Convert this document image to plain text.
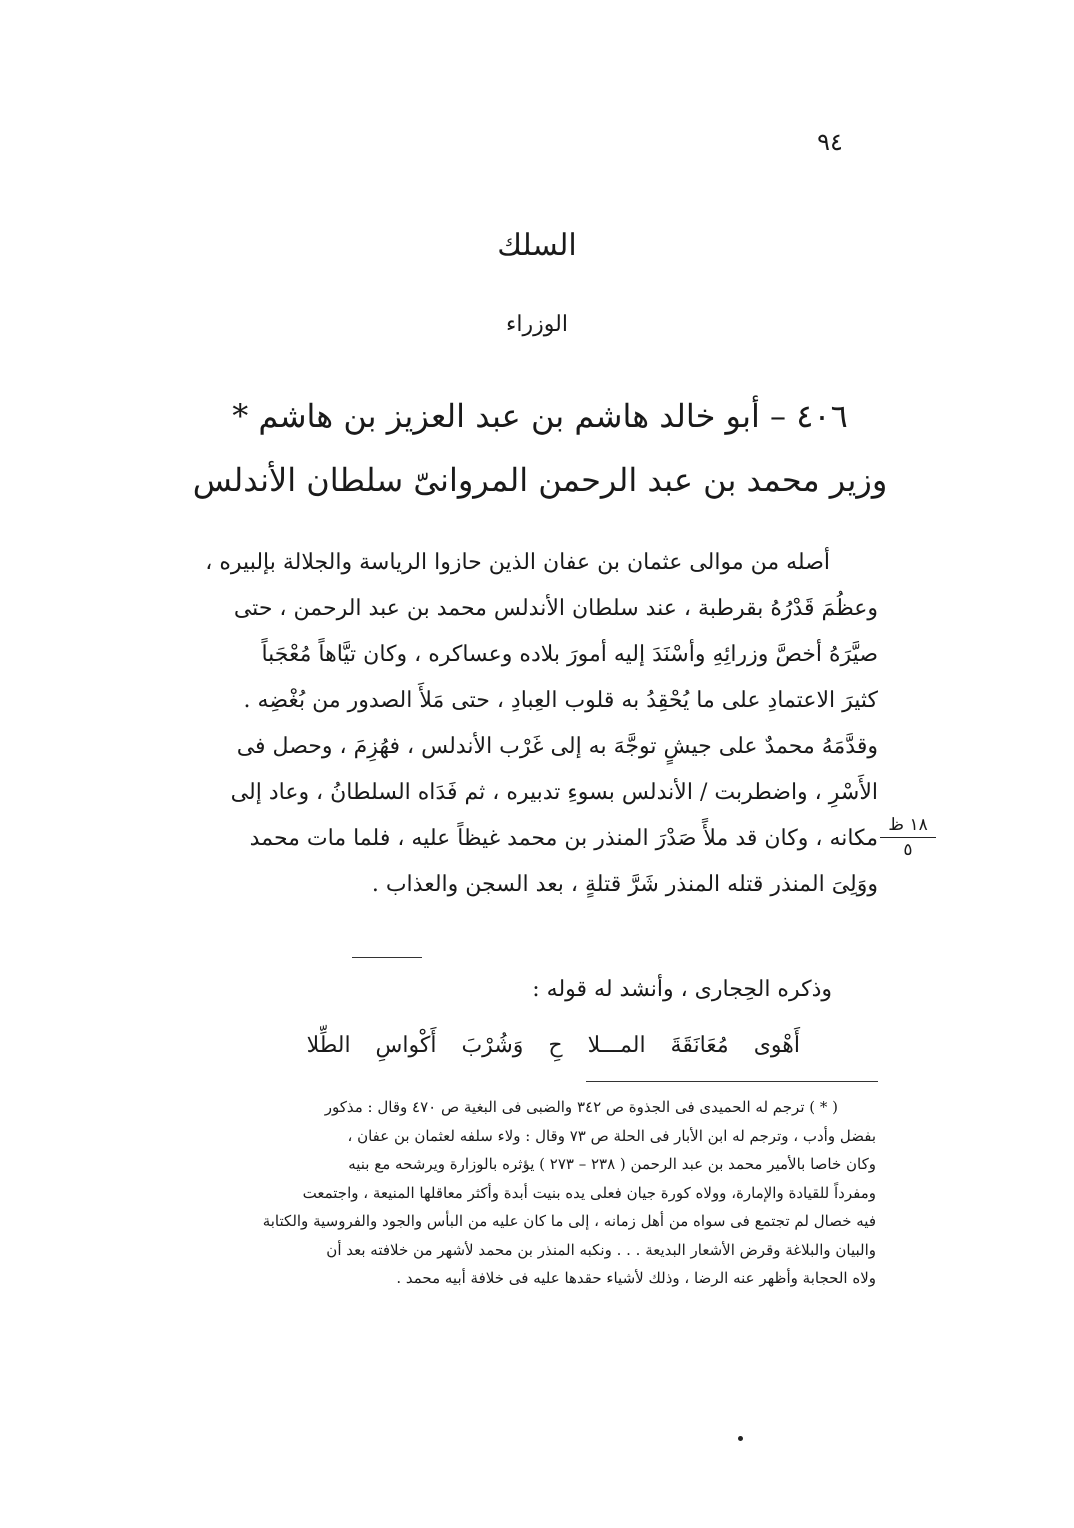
٩٤
السلك
الوزراء
٤٠٦ – أبو خالد هاشم بن عبد العزيز بن هاشم *
وزير محمد بن عبد الرحمن المروانىّ سلطان الأندلس
أصله من موالى عثمان بن عفان الذين حازوا الرياسة والجلالة بإلبيره ،
وعظُمَ قَدْرُهُ بقرطبة ، عند سلطان الأندلس محمد بن عبد الرحمن ، حتى
صيَّرَهُ أخصَّ وزرائِهِ وأسْنَدَ إليه أمورَ بلاده وعساكره ، وكان تيَّاهاً مُعْجَباً
كثيرَ الاعتمادِ على ما يُحْقِدُ به قلوب العِبادِ ، حتى مَلأَ الصدور من بُغْضِه .
وقدَّمَهُ محمدٌ على جيشٍ توجَّهَ به إلى غَرْب الأندلس ، فهُزِمَ ، وحصل فى
الأَسْرِ ، واضطربت / الأندلس بسوءِ تدبيره ، ثم فَدَاه السلطانُ ، وعاد إلى
مكانه ، وكان قد ملأً صَدْرَ المنذر بن محمد غيظاً عليه ، فلما مات محمد
ووَلِىَ المنذر قتله المنذر شَرَّ قتلةٍ ، بعد السجن والعذاب .
١٨ ظ
٥
وذكره الحِجارى ، وأنشد له قوله :
أَهْوى مُعَانَقَةَ المـــلا حِ وَشُرْبَ أَكْواسِ الطِّلا
( * ) ترجم له الحميدى فى الجذوة ص ٣٤٢ والضبى فى البغية ص ٤٧٠ وقال : مذكور
بفضل وأدب ، وترجم له ابن الأبار فى الحلة ص ٧٣ وقال : ولاء سلفه لعثمان بن عفان ،
وكان خاصا بالأمير محمد بن عبد الرحمن ( ٢٣٨ – ٢٧٣ ) يؤثره بالوزارة ويرشحه مع بنيه
ومفرداً للقيادة والإمارة، وولاه كورة جيان فعلى يده بنيت أبدة وأكثر معاقلها المنيعة ، واجتمعت
فيه خصال لم تجتمع فى سواه من أهل زمانه ، إلى ما كان عليه من البأس والجود والفروسية والكتابة
والبيان والبلاغة وقرض الأشعار البديعة . . . ونكبه المنذر بن محمد لأشهر من خلافته بعد أن
ولاه الحجابة وأظهر عنه الرضا ، وذلك لأشياء حقدها عليه فى خلافة أبيه محمد .
